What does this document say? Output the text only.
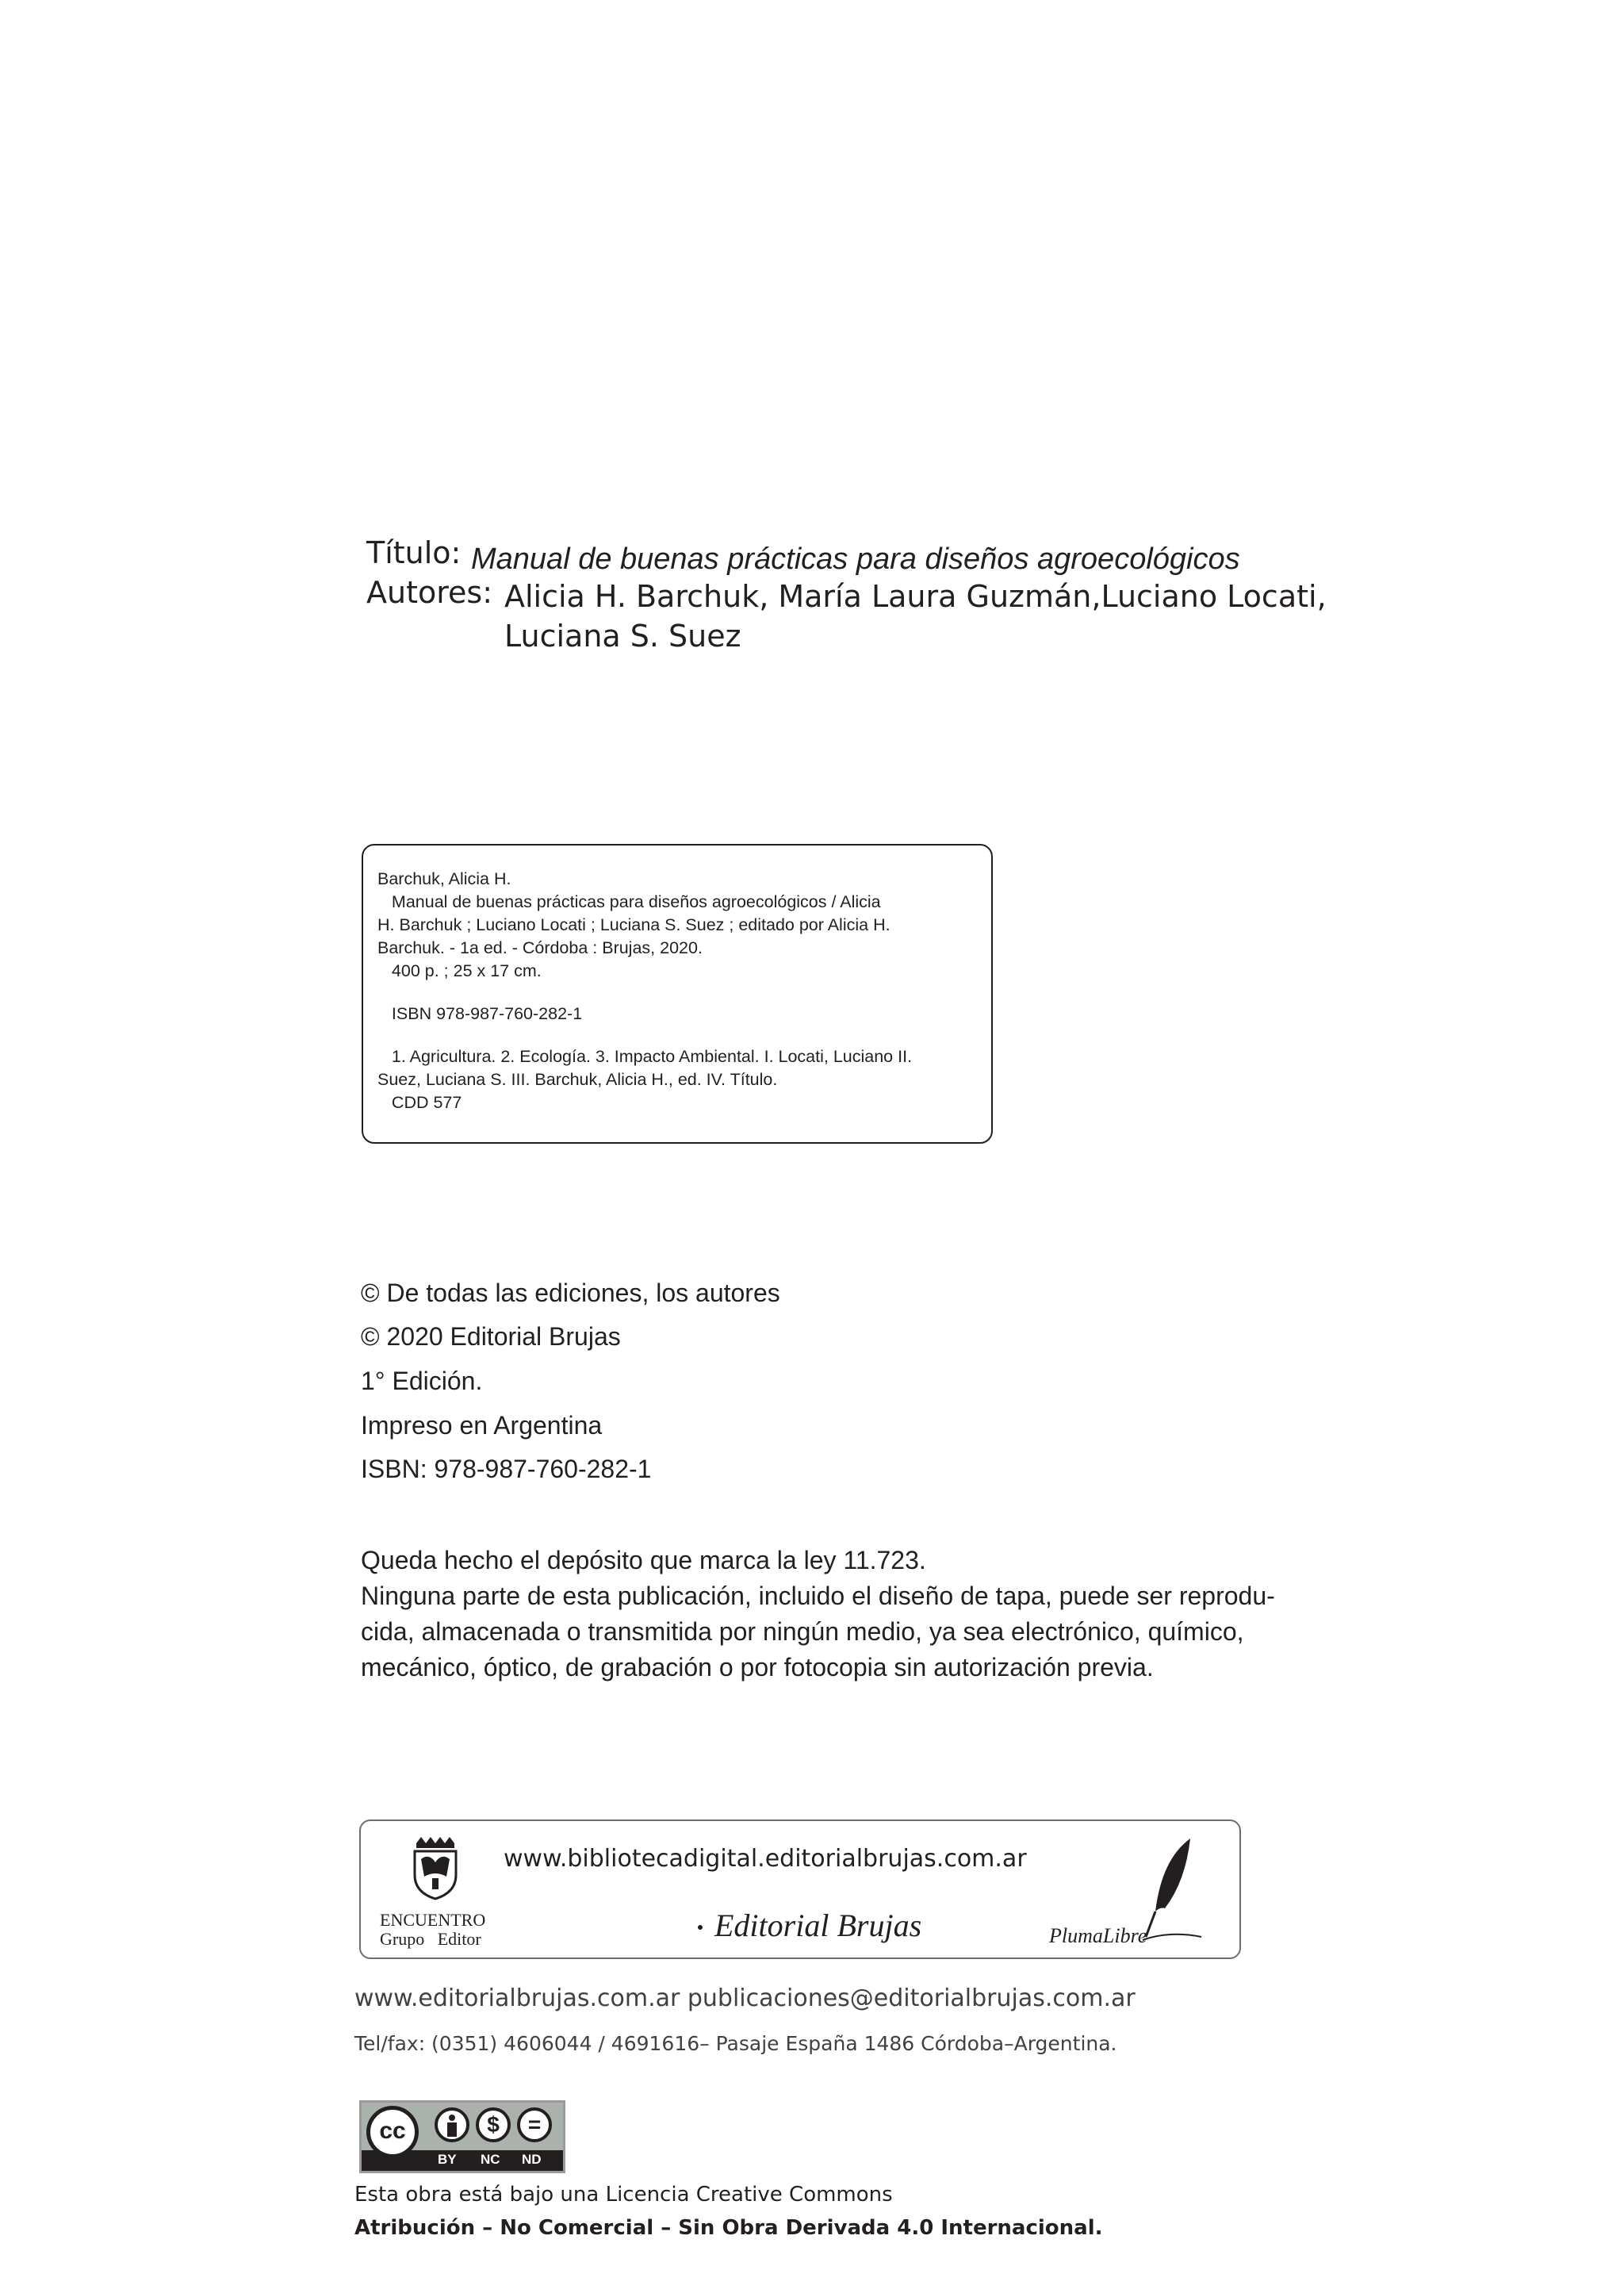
Título: Manual de buenas prácticas para diseños agroecológicos
Autores: Alicia H. Barchuk, María Laura Guzmán,Luciano Locati,
Luciana S. Suez
Barchuk, Alicia H.
Manual de buenas prácticas para diseños agroecológicos / Alicia
H. Barchuk ; Luciano Locati ; Luciana S. Suez ; editado por Alicia H.
Barchuk. - 1a ed. - Córdoba : Brujas, 2020.
400 p. ; 25 x 17 cm.
ISBN 978-987-760-282-1
1. Agricultura. 2. Ecología. 3. Impacto Ambiental. I. Locati, Luciano II.
Suez, Luciana S. III. Barchuk, Alicia H., ed. IV. Título.
CDD 577
© De todas las ediciones, los autores
© 2020 Editorial Brujas
1° Edición.
Impreso en Argentina
ISBN: 978-987-760-282-1
Queda hecho el depósito que marca la ley 11.723.
Ninguna parte de esta publicación, incluido el diseño de tapa, puede ser reprodu-
cida, almacenada o transmitida por ningún medio, ya sea electrónico, químico,
mecánico, óptico, de grabación o por fotocopia sin autorización previa.
ENCUENTRO
Grupo   Editor
www.bibliotecadigital.editorialbrujas.com.ar
Editorial Brujas	PlumaLibre
www.editorialbrujas.com.ar publicaciones@editorialbrujas.com.ar
Tel/fax: (0351) 4606044 / 4691616– Pasaje España 1486 Córdoba–Argentina.
cc	$	=
BY NC ND
Esta obra está bajo una Licencia Creative Commons
Atribución – No Comercial – Sin Obra Derivada 4.0 Internacional.
